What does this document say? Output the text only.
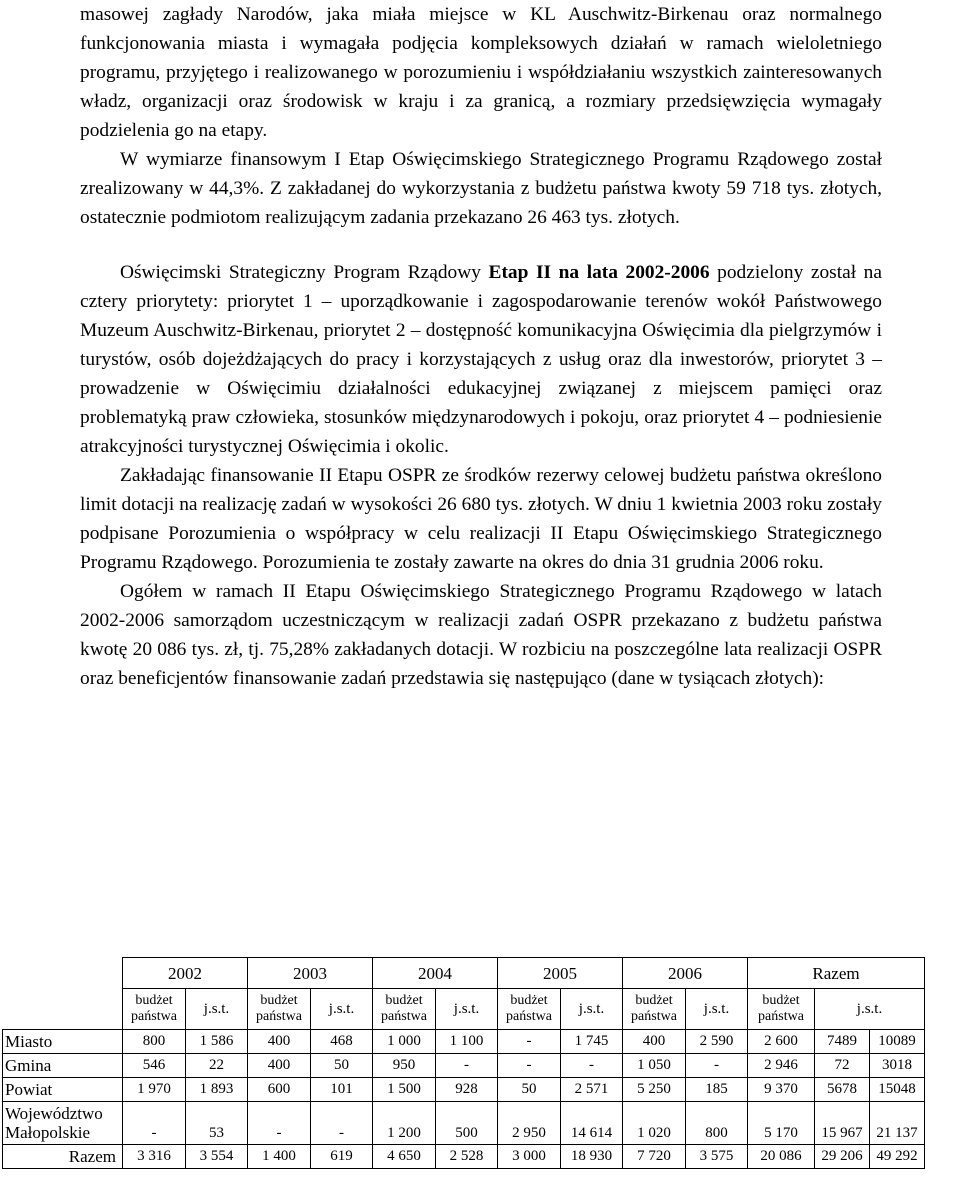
masowej zagłady Narodów, jaka miała miejsce w KL Auschwitz-Birkenau oraz normalnego funkcjonowania miasta i wymagała podjęcia kompleksowych działań w ramach wieloletniego programu, przyjętego i realizowanego w porozumieniu i współdziałaniu wszystkich zainteresowanych władz, organizacji oraz środowisk w kraju i za granicą, a rozmiary przedsięwzięcia wymagały podzielenia go na etapy.

W wymiarze finansowym I Etap Oświęcimskiego Strategicznego Programu Rządowego został zrealizowany w 44,3%. Z zakładanej do wykorzystania z budżetu państwa kwoty 59 718 tys. złotych, ostatecznie podmiotom realizującym zadania przekazano 26 463 tys. złotych.

Oświęcimski Strategiczny Program Rządowy Etap II na lata 2002-2006 podzielony został na cztery priorytety: priorytet 1 – uporządkowanie i zagospodarowanie terenów wokół Państwowego Muzeum Auschwitz-Birkenau, priorytet 2 – dostępność komunikacyjna Oświęcimia dla pielgrzymów i turystów, osób dojeżdżających do pracy i korzystających z usług oraz dla inwestorów, priorytet 3 – prowadzenie w Oświęcimiu działalności edukacyjnej związanej z miejscem pamięci oraz problematyką praw człowieka, stosunków międzynarodowych i pokoju, oraz priorytet 4 – podniesienie atrakcyjności turystycznej Oświęcimia i okolic.

Zakładając finansowanie II Etapu OSPR ze środków rezerwy celowej budżetu państwa określono limit dotacji na realizację zadań w wysokości 26 680 tys. złotych. W dniu 1 kwietnia 2003 roku zostały podpisane Porozumienia o współpracy w celu realizacji II Etapu Oświęcimskiego Strategicznego Programu Rządowego. Porozumienia te zostały zawarte na okres do dnia 31 grudnia 2006 roku.

Ogółem w ramach II Etapu Oświęcimskiego Strategicznego Programu Rządowego w latach 2002-2006 samorządom uczestniczącym w realizacji zadań OSPR przekazano z budżetu państwa kwotę 20 086 tys. zł, tj. 75,28% zakładanych dotacji. W rozbiciu na poszczególne lata realizacji OSPR oraz beneficjentów finansowanie zadań przedstawia się następująco (dane w tysiącach złotych):

	2002		2003		2004		2005		2006		Razem		
	budżet państwa	j.s.t.	budżet państwa	j.s.t.	budżet państwa	j.s.t.	budżet państwa	j.s.t.	budżet państwa	j.s.t.	budżet państwa	j.s.t.	
Miasto	800	1 586	400	468	1 000	1 100	-	1 745	400	2 590	2 600	7489	10089
Gmina	546	22	400	50	950	-	-	-	1 050	-	2 946	72	3018
Powiat	1 970	1 893	600	101	1 500	928	50	2 571	5 250	185	9 370	5678	15048

Województwo
Małopolskie	-	53	-	-	1 200	500	2 950	14 614	1 020	800	5 170	15 967	21 137
Razem	3 316	3 554	1 400	619	4 650	2 528	3 000	18 930	7 720	3 575	20 086	29 206	49 292
